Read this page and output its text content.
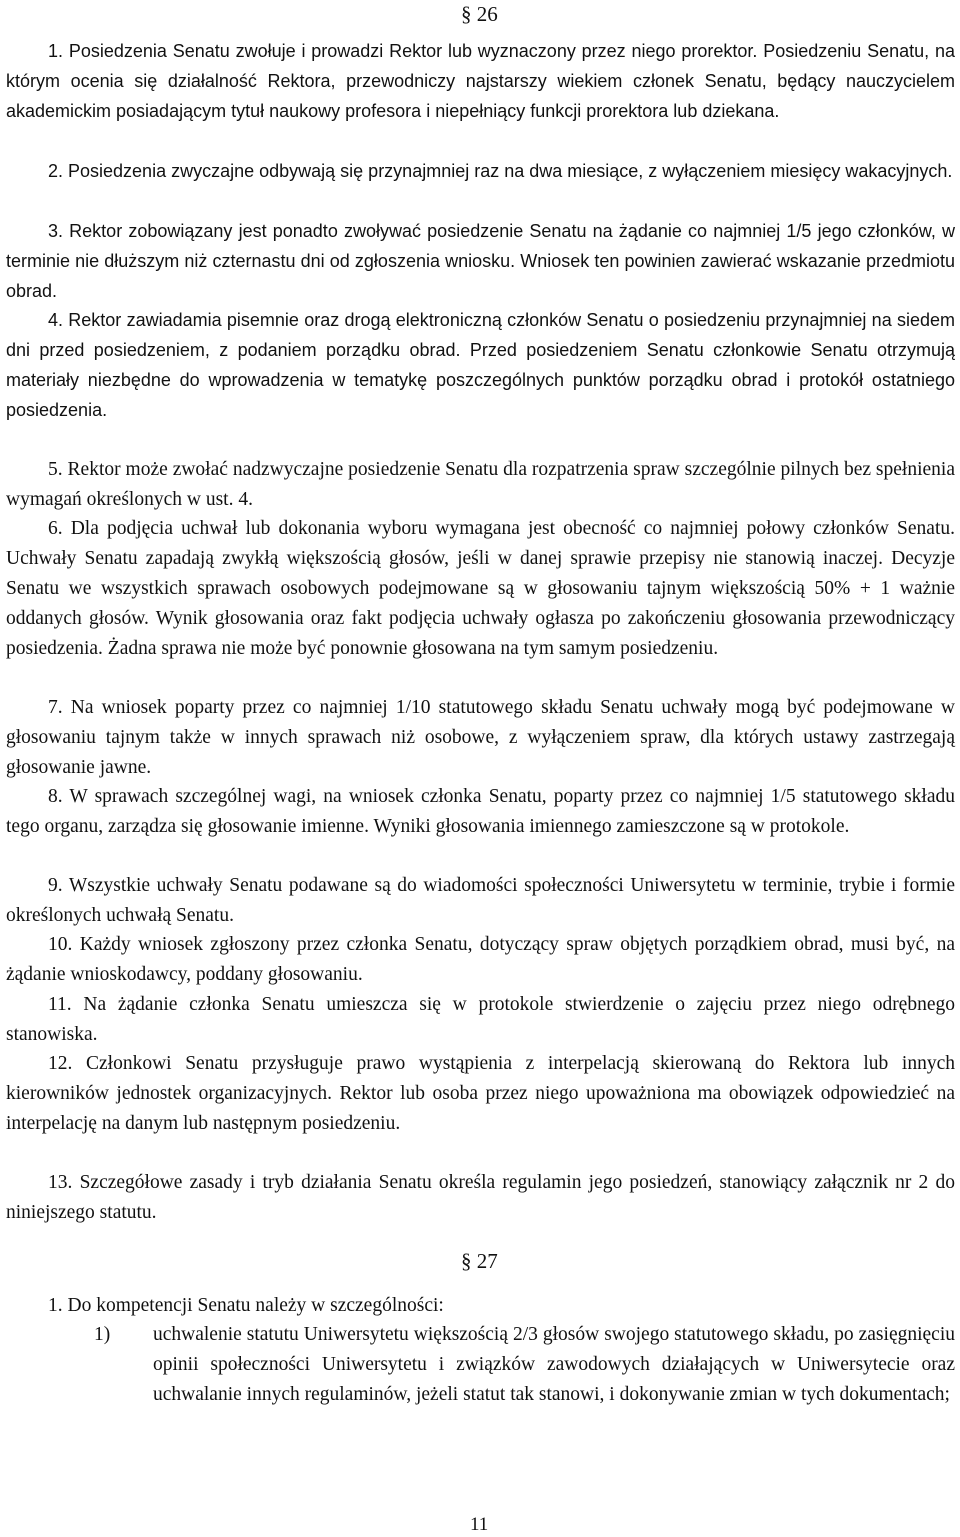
§ 26
1. Posiedzenia Senatu zwołuje i prowadzi Rektor lub wyznaczony przez niego prorektor. Posiedzeniu Senatu, na którym ocenia się działalność Rektora, przewodniczy najstarszy wiekiem członek Senatu, będący nauczycielem akademickim posiadającym tytuł naukowy profesora i niepełniący funkcji prorektora lub dziekana.
2. Posiedzenia zwyczajne odbywają się przynajmniej raz na dwa miesiące, z wyłączeniem miesięcy wakacyjnych.
3. Rektor zobowiązany jest ponadto zwoływać posiedzenie Senatu na żądanie co najmniej 1/5 jego członków, w terminie nie dłuższym niż czternastu dni od zgłoszenia wniosku. Wniosek ten powinien zawierać wskazanie przedmiotu obrad.
4. Rektor zawiadamia pisemnie oraz drogą elektroniczną członków Senatu o posiedzeniu przynajmniej na siedem dni przed posiedzeniem, z podaniem porządku obrad. Przed posiedzeniem Senatu członkowie Senatu otrzymują materiały niezbędne do wprowadzenia w tematykę poszczególnych punktów porządku obrad i protokół ostatniego posiedzenia.
5. Rektor może zwołać nadzwyczajne posiedzenie Senatu dla rozpatrzenia spraw szczególnie pilnych bez spełnienia wymagań określonych w ust. 4.
6. Dla podjęcia uchwał lub dokonania wyboru wymagana jest obecność co najmniej połowy członków Senatu. Uchwały Senatu zapadają zwykłą większością głosów, jeśli w danej sprawie przepisy nie stanowią inaczej. Decyzje Senatu we wszystkich sprawach osobowych podejmowane są w głosowaniu tajnym większością 50% + 1 ważnie oddanych głosów. Wynik głosowania oraz fakt podjęcia uchwały ogłasza po zakończeniu głosowania przewodniczący posiedzenia. Żadna sprawa nie może być ponownie głosowana na tym samym posiedzeniu.
7. Na wniosek poparty przez co najmniej 1/10 statutowego składu Senatu uchwały mogą być podejmowane w głosowaniu tajnym także w innych sprawach niż osobowe, z wyłączeniem spraw, dla których ustawy zastrzegają głosowanie jawne.
8. W sprawach szczególnej wagi, na wniosek członka Senatu, poparty przez co najmniej 1/5 statutowego składu tego organu, zarządza się głosowanie imienne. Wyniki głosowania imiennego zamieszczone są w protokole.
9. Wszystkie uchwały Senatu podawane są do wiadomości społeczności Uniwersytetu w terminie, trybie i formie określonych uchwałą Senatu.
10. Każdy wniosek zgłoszony przez członka Senatu, dotyczący spraw objętych porządkiem obrad, musi być, na żądanie wnioskodawcy, poddany głosowaniu.
11. Na żądanie członka Senatu umieszcza się w protokole stwierdzenie o zajęciu przez niego odrębnego stanowiska.
12. Członkowi Senatu przysługuje prawo wystąpienia z interpelacją skierowaną do Rektora lub innych kierowników jednostek organizacyjnych. Rektor lub osoba przez niego upoważniona ma obowiązek odpowiedzieć na interpelację na danym lub następnym posiedzeniu.
13. Szczegółowe zasady i tryb działania Senatu określa regulamin jego posiedzeń, stanowiący załącznik nr 2 do niniejszego statutu.
§ 27
1. Do kompetencji Senatu należy w szczególności:
1) uchwalenie statutu Uniwersytetu większością 2/3 głosów swojego statutowego składu, po zasięgnięciu opinii społeczności Uniwersytetu i związków zawodowych działających w Uniwersytecie oraz uchwalanie innych regulaminów, jeżeli statut tak stanowi, i dokonywanie zmian w tych dokumentach;
11
